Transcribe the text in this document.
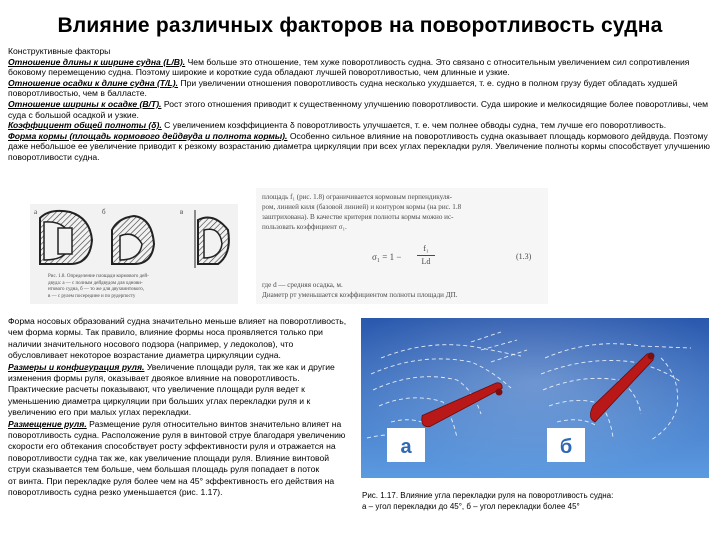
Влияние различных факторов на поворотливость судна

Конструктивные факторы

Отношение длины к ширине судна (L/B). Чем больше это отношение, тем хуже поворотливость судна. Это связано с относительным увеличением сил сопротивления боковому перемещению судна. Поэтому широкие и короткие суда обладают лучшей поворотливостью, чем длинные и узкие.

Отношение осадки к длине судна (T/L). При увеличении отношения поворотливость судна несколько ухудшается, т. е. судно в полном грузу будет обладать худшей поворотливостью, чем в балласте.

Отношение ширины к осадке (B/T). Рост этого отношения приводит к существенному улучшению поворотливости. Суда широкие и мелкосидящие более поворотливы, чем суда с большой осадкой и узкие.

Коэффициент общей полноты (δ). С увеличением коэффициента δ поворотливость улучшается, т. е. чем полнее обводы судна, тем лучше его поворотливость.

Форма кормы (площадь кормового дейдвуда и полнота кормы). Особенно сильное влияние на поворотливость судна оказывает площадь кормового дейдвуда. Поэтому даже небольшое ее увеличение приводит к резкому возрастанию диаметра циркуляции при всех углах перекладки руля. Увеличение полноты кормы способствует улучшению поворотливости судна.

a	б	в
Рис. 1.8. Определение площади кормового дей-
двуда: а — с полным дейдвудом для однови-
нтового судна, б — то же для двухвинтового,
в — с рулем посередине и по рудерпосту
площадь f₁ (рис. 1.8) ограничивается кормовым перпендикуля-
ром, линией киля (базовой линией) и контуром кормы (на рис. 1.8
заштрихована). В качестве критерия полноты кормы можно ис-
пользовать коэффициент σ₁.
σ₁ = 1 −
f₁
Ld
(1.3)
где d — средняя осадка, м.
Диаметр рт уменьшается коэффициентом полноты площади ДП.

Форма носовых образований судна значительно меньше влияет на поворотливость, чем форма кормы. Так правило, влияние формы носа проявляется только при наличии значительного носового подзора (например, у ледоколов), что обусловливает некоторое возрастание диаметра циркуляции судна.

Размеры и конфигурация руля. Увеличение площади руля, так же как и другие изменения формы руля, оказывает двоякое влияние на поворотливость. Практические расчеты показывают, что увеличение площади руля ведет к уменьшению диаметра циркуляции при больших углах перекладки руля и к увеличению его при малых углах перекладки.

Размещение руля. Размещение руля относительно винтов значительно влияет на поворотливость судна. Расположение руля в винтовой струе благодаря увеличению скорости его обтекания способствует росту эффективности руля и отражается на поворотливости судна так же, как увеличение площади руля. Влияние винтовой струи сказывается тем больше, чем большая площадь руля попадает в поток

от винта. При перекладке руля более чем на 45° эффективность его действия на поворотливость судна резко уменьшается (рис. 1.17).

а	б
Рис. 1.17. Влияние угла перекладки руля на поворотливость судна:
а – угол перекладки до 45°, б – угол перекладки более 45°
